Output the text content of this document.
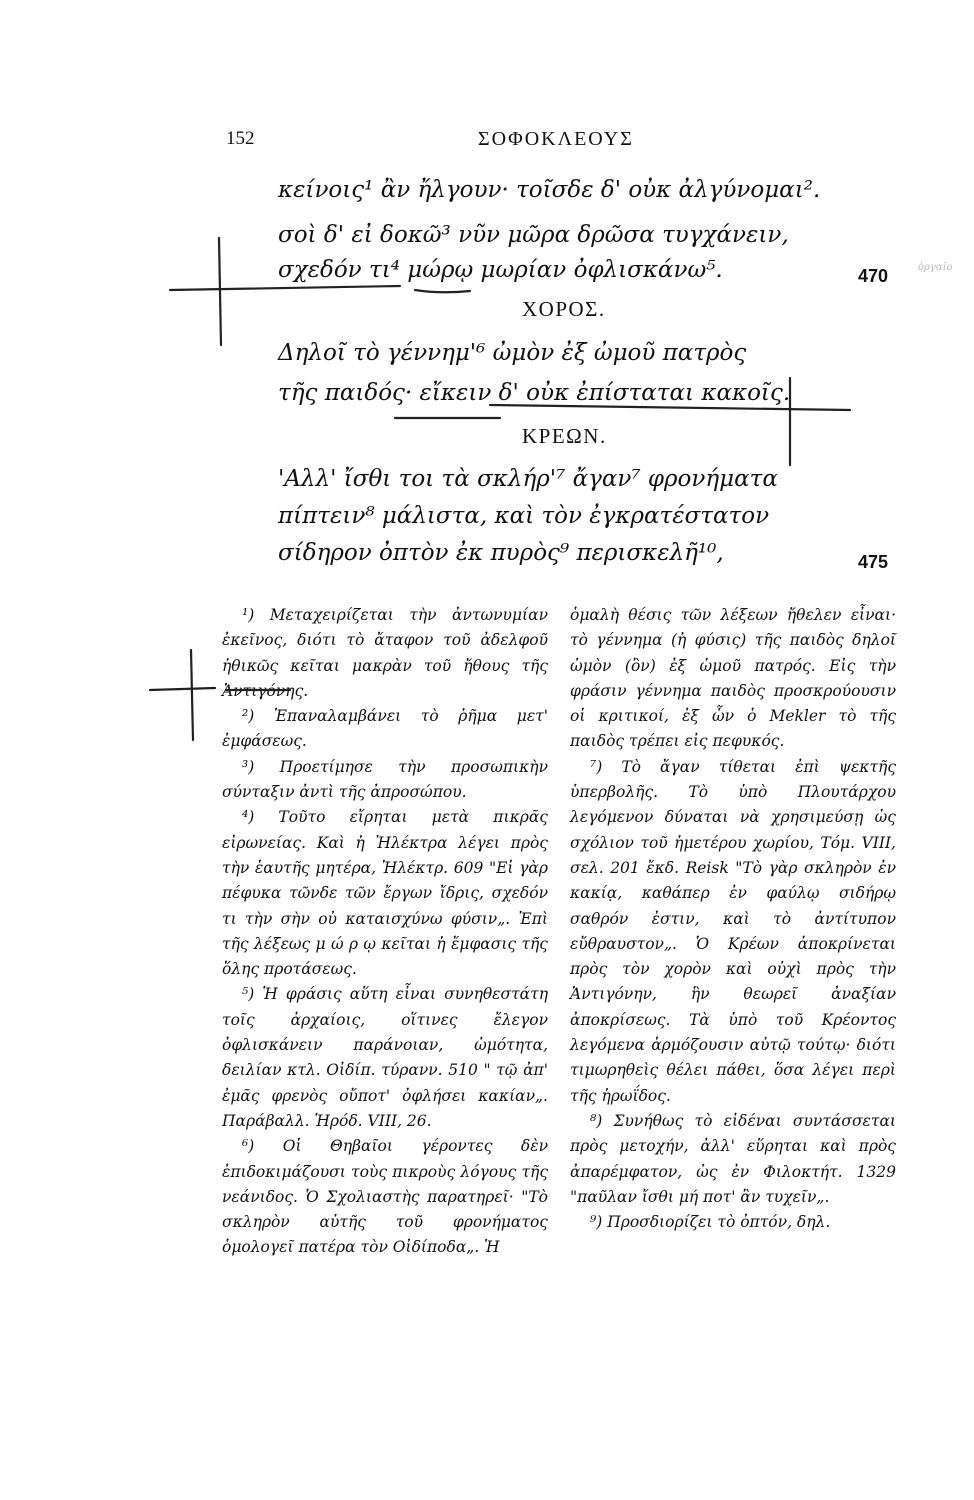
152	ΣΟΦΟΚΛΕΟΥΣ
κείνοις¹ ἂν ἤλγουν· τοῖσδε δ' οὐκ ἀλγύνομαι².
σοὶ δ' εἰ δοκῶ³ νῦν μῶρα δρῶσα τυγχάνειν,
σχεδόν τι⁴ μώρῳ μωρίαν ὀφλισκάνω⁵.	470	ὀργαῖο
ΧΟΡΟΣ.
Δηλοῖ τὸ γέννημ'⁶ ὠμὸν ἐξ ὠμοῦ πατρὸς
τῆς παιδός· εἴκειν δ' οὐκ ἐπίσταται κακοῖς.
ΚΡΕΩΝ.
'Αλλ' ἴσθι τοι τὰ σκλήρ'⁷ ἄγαν⁷ φρονήματα
πίπτειν⁸ μάλιστα, καὶ τὸν ἐγκρατέστατον
σίδηρον ὀπτὸν ἐκ πυρὸς⁹ περισκελῆ¹⁰,	475

¹) Μεταχειρίζεται τὴν ἀντωνυμίαν ἐκεῖνος, διότι τὸ ἄταφον τοῦ ἀδελφοῦ ἠθικῶς κεῖται μακρὰν τοῦ ἤθους τῆς Ἀντιγόνης.

²) Ἐπαναλαμβάνει τὸ ῥῆμα μετ' ἐμφάσεως.

³) Προετίμησε τὴν προσωπικὴν σύνταξιν ἀντὶ τῆς ἀπροσώπου.

⁴) Τοῦτο εἴρηται μετὰ πικρᾶς εἰρωνείας. Καὶ ἡ Ἠλέκτρα λέγει πρὸς τὴν ἑαυτῆς μητέρα, Ἠλέκτρ. 609 "Εἰ γὰρ πέφυκα τῶνδε τῶν ἔργων ἴδρις, σχεδόν τι τὴν σὴν οὐ καταισχύνω φύσιν„. Ἐπὶ τῆς λέξεως μ ώ ρ ῳ κεῖται ἡ ἔμφασις τῆς ὅλης προτάσεως.

⁵) Ἡ φράσις αὕτη εἶναι συνηθεστάτη τοῖς ἀρχαίοις, οἵτινες ἔλεγον ὀφλισκάνειν παράνοιαν, ὠμότητα, δειλίαν κτλ. Οἰδίπ. τύρανν. 510 " τῷ ἀπ' ἐμᾶς φρενὸς οὔποτ' ὀφλήσει κακίαν„. Παράβαλλ. Ἡρόδ. VIII, 26.

⁶) Οἱ Θηβαῖοι γέροντες δὲν ἐπιδοκιμάζουσι τοὺς πικροὺς λόγους τῆς νεάνιδος. Ὁ Σχολιαστὴς παρατηρεῖ· "Τὸ σκληρὸν αὐτῆς τοῦ φρονήματος ὁμολογεῖ πατέρα τὸν Οἰδίποδα„. Ἡ

ὁμαλὴ θέσις τῶν λέξεων ἤθελεν εἶναι· τὸ γέννημα (ἡ φύσις) τῆς παιδὸς δηλοῖ ὠμὸν (ὂν) ἐξ ὠμοῦ πατρός. Εἰς τὴν φράσιν γέννημα παιδὸς προσκρούουσιν οἱ κριτικοί, ἐξ ὧν ὁ Mekler τὸ τῆς παιδὸς τρέπει εἰς πεφυκός.

⁷) Τὸ ἄγαν τίθεται ἐπὶ ψεκτῆς ὑπερβολῆς. Τὸ ὑπὸ Πλουτάρχου λεγόμενον δύναται νὰ χρησιμεύσῃ ὡς σχόλιον τοῦ ἡμετέρου χωρίου, Τόμ. VIII, σελ. 201 ἔκδ. Reisk "Τὸ γὰρ σκληρὸν ἐν κακίᾳ, καθάπερ ἐν φαύλῳ σιδήρῳ σαθρόν ἐστιν, καὶ τὸ ἀντίτυπον εὔθραυστον„. Ὁ Κρέων ἀποκρίνεται πρὸς τὸν χορὸν καὶ οὐχὶ πρὸς τὴν Ἀντιγόνην, ἣν θεωρεῖ ἀναξίαν ἀποκρίσεως. Τὰ ὑπὸ τοῦ Κρέοντος λεγόμενα ἁρμόζουσιν αὐτῷ τούτῳ· διότι τιμωρηθεὶς θέλει πάθει, ὅσα λέγει περὶ τῆς ἡρωΐδος.

⁸) Συνήθως τὸ εἰδέναι συντάσσεται πρὸς μετοχήν, ἀλλ' εὕρηται καὶ πρὸς ἀπαρέμφατον, ὡς ἐν Φιλοκτήτ. 1329 "παῦλαν ἴσθι μή ποτ' ἂν τυχεῖν„.

⁹) Προσδιορίζει τὸ ὀπτόν, δηλ.
